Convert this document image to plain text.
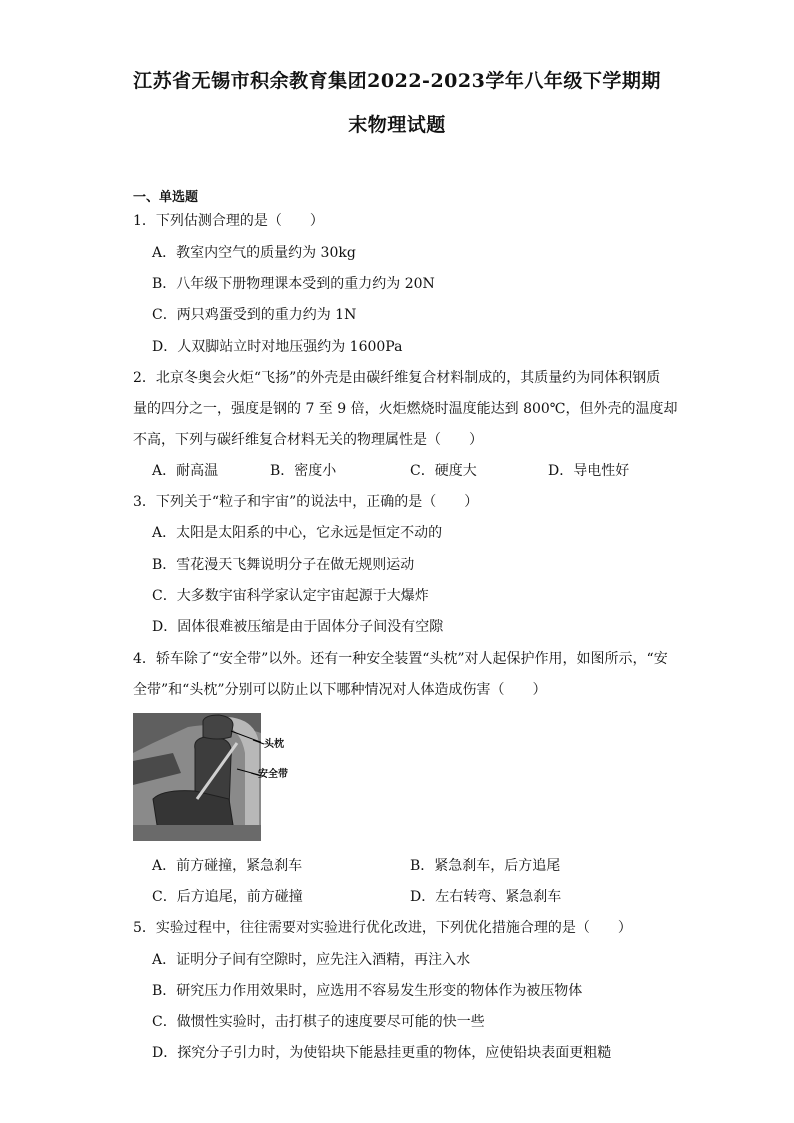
江苏省无锡市积余教育集团2022-2023学年八年级下学期期
末物理试题
一、单选题
1．下列估测合理的是（　　）
A．教室内空气的质量约为 30kg
B．八年级下册物理课本受到的重力约为 20N
C．两只鸡蛋受到的重力约为 1N
D．人双脚站立时对地压强约为 1600Pa
2．北京冬奥会火炬“飞扬”的外壳是由碳纤维复合材料制成的，其质量约为同体积钢质
量的四分之一，强度是钢的 7 至 9 倍，火炬燃烧时温度能达到 800℃，但外壳的温度却
不高，下列与碳纤维复合材料无关的物理属性是（　　）
A．耐高温	B．密度小	C．硬度大	D．导电性好
3．下列关于“粒子和宇宙”的说法中，正确的是（　　）
A．太阳是太阳系的中心，它永远是恒定不动的
B．雪花漫天飞舞说明分子在做无规则运动
C．大多数宇宙科学家认定宇宙起源于大爆炸
D．固体很难被压缩是由于固体分子间没有空隙
4．轿车除了“安全带”以外。还有一种安全装置“头枕”对人起保护作用，如图所示，“安
全带”和“头枕”分别可以防止以下哪种情况对人体造成伤害（　　）
头枕
安全带
A．前方碰撞，紧急刹车	B．紧急刹车，后方追尾
C．后方追尾，前方碰撞	D．左右转弯、紧急刹车
5．实验过程中，往往需要对实验进行优化改进，下列优化措施合理的是（　　）
A．证明分子间有空隙时，应先注入酒精，再注入水
B．研究压力作用效果时，应选用不容易发生形变的物体作为被压物体
C．做惯性实验时，击打棋子的速度要尽可能的快一些
D．探究分子引力时，为使铅块下能悬挂更重的物体，应使铅块表面更粗糙
